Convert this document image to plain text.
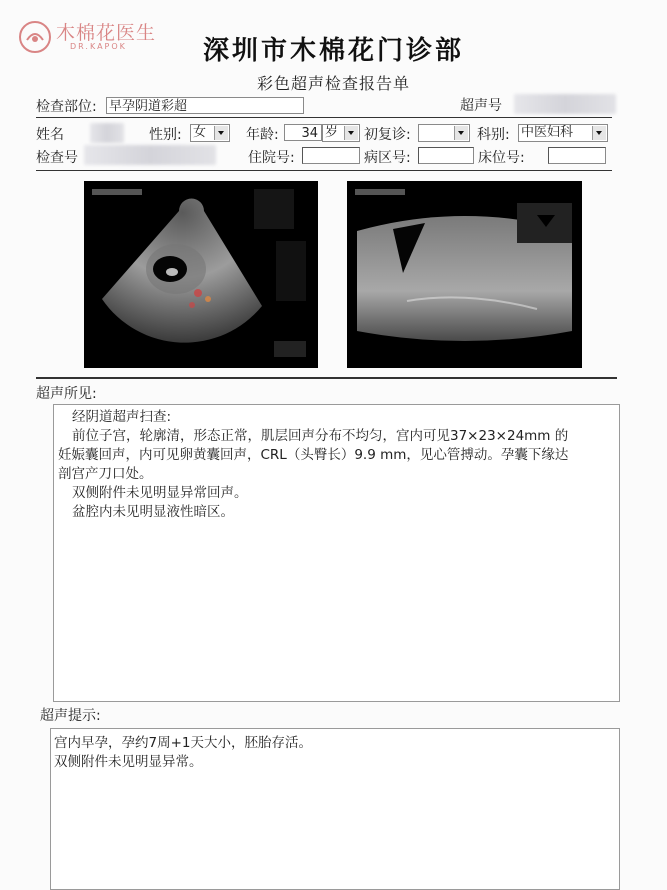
木棉花医生
DR.KAPOK	深圳市木棉花门诊部
彩色超声检查报告单
检查部位: 早孕阴道彩超	超声号
姓名	性别: 女	年龄:	34 岁	初复诊:	科别: 中医妇科
检查号	住院号:	病区号:	床位号:
超声所见:
经阴道超声扫查:
前位子宫，轮廓清，形态正常，肌层回声分布不均匀，宫内可见37×23×24mm 的
妊娠囊回声，内可见卵黄囊回声，CRL（头臀长）9.9 mm，见心管搏动。孕囊下缘达
剖宫产刀口处。
双侧附件未见明显异常回声。
盆腔内未见明显液性暗区。
超声提示:
宫内早孕，孕约7周+1天大小，胚胎存活。
双侧附件未见明显异常。
